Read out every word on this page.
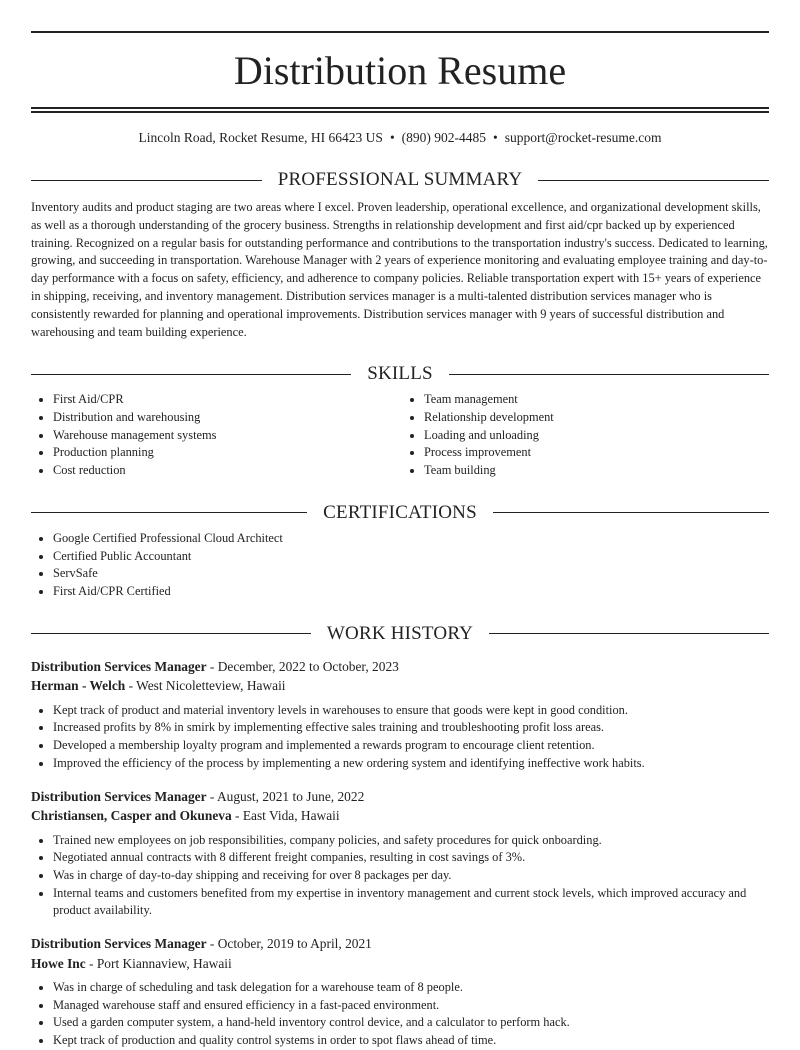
Distribution Resume
Lincoln Road, Rocket Resume, HI 66423 US • (890) 902-4485 • support@rocket-resume.com
PROFESSIONAL SUMMARY
Inventory audits and product staging are two areas where I excel. Proven leadership, operational excellence, and organizational development skills, as well as a thorough understanding of the grocery business. Strengths in relationship development and first aid/cpr backed up by experienced training. Recognized on a regular basis for outstanding performance and contributions to the transportation industry's success. Dedicated to learning, growing, and succeeding in transportation. Warehouse Manager with 2 years of experience monitoring and evaluating employee training and day-to-day performance with a focus on safety, efficiency, and adherence to company policies. Reliable transportation expert with 15+ years of experience in shipping, receiving, and inventory management. Distribution services manager is a multi-talented distribution services manager who is consistently rewarded for planning and operational improvements. Distribution services manager with 9 years of successful distribution and warehousing and team building experience.
SKILLS
• First Aid/CPR
• Distribution and warehousing
• Warehouse management systems
• Production planning
• Cost reduction
• Team management
• Relationship development
• Loading and unloading
• Process improvement
• Team building
CERTIFICATIONS
• Google Certified Professional Cloud Architect
• Certified Public Accountant
• ServSafe
• First Aid/CPR Certified
WORK HISTORY
Distribution Services Manager - December, 2022 to October, 2023
Herman - Welch - West Nicoletteview, Hawaii
• Kept track of product and material inventory levels in warehouses to ensure that goods were kept in good condition.
• Increased profits by 8% in smirk by implementing effective sales training and troubleshooting profit loss areas.
• Developed a membership loyalty program and implemented a rewards program to encourage client retention.
• Improved the efficiency of the process by implementing a new ordering system and identifying ineffective work habits.
Distribution Services Manager - August, 2021 to June, 2022
Christiansen, Casper and Okuneva - East Vida, Hawaii
• Trained new employees on job responsibilities, company policies, and safety procedures for quick onboarding.
• Negotiated annual contracts with 8 different freight companies, resulting in cost savings of 3%.
• Was in charge of day-to-day shipping and receiving for over 8 packages per day.
• Internal teams and customers benefited from my expertise in inventory management and current stock levels, which improved accuracy and product availability.
Distribution Services Manager - October, 2019 to April, 2021
Howe Inc - Port Kiannaview, Hawaii
• Was in charge of scheduling and task delegation for a warehouse team of 8 people.
• Managed warehouse staff and ensured efficiency in a fast-paced environment.
• Used a garden computer system, a hand-held inventory control device, and a calculator to perform hack.
• Kept track of production and quality control systems in order to spot flaws ahead of time.
